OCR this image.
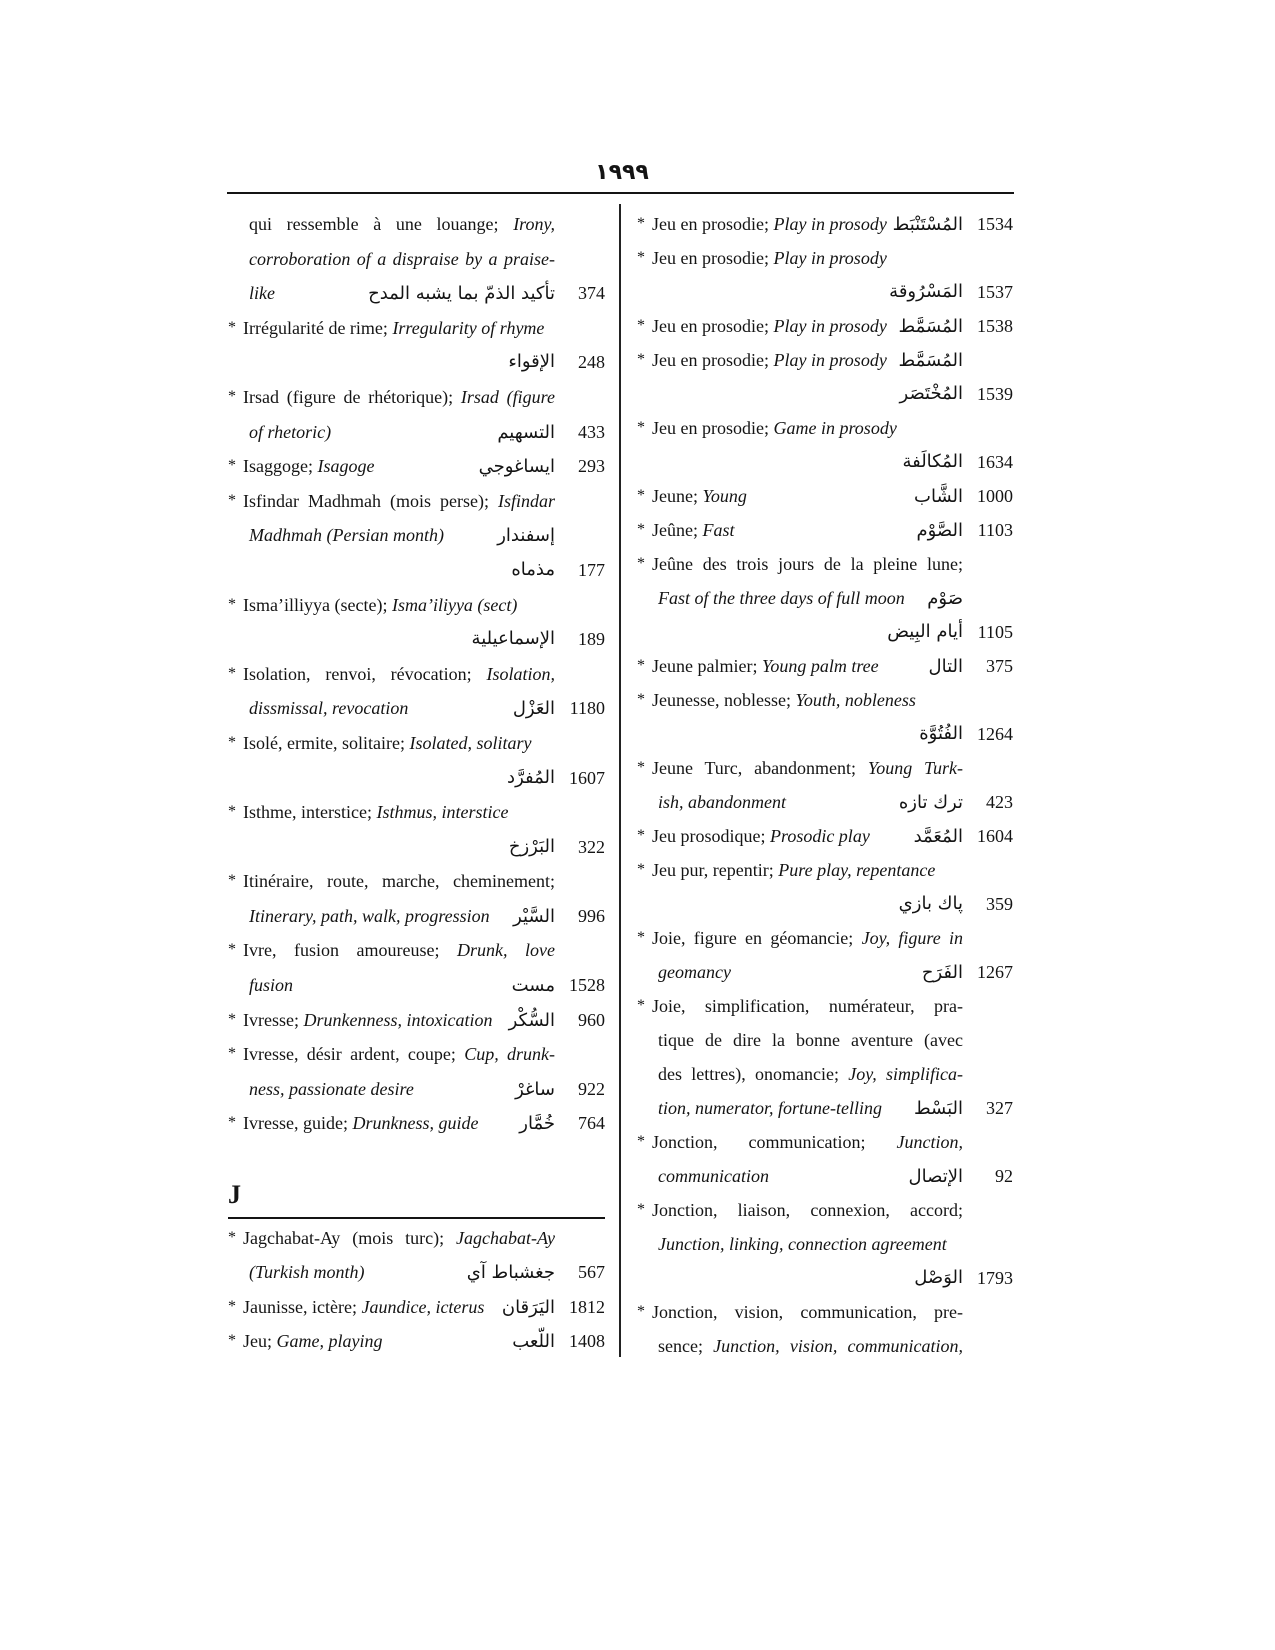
١٩٩٩
qui ressemble à une louange; Irony,
corroboration of a dispraise by a praise-
like	تأكيد الذمّ بما يشبه المدح	374
* Irrégularité de rime; Irregularity of rhyme
الإقواء	248
* Irsad (figure de rhétorique); Irsad (figure
of rhetoric)	التسهيم	433
* Isaggoge; Isagoge	ايساغوجي	293
* Isfindar Madhmah (mois perse); Isfindar
Madhmah (Persian month)	إسفندار
مذماه	177
* Isma’illiyya (secte); Isma’iliyya (sect)
الإسماعيلية	189
* Isolation, renvoi, révocation; Isolation,
dissmissal, revocation	العَزْل 1180
* Isolé, ermite, solitaire; Isolated, solitary
المُفرَّد 1607
* Isthme, interstice; Isthmus, interstice
البَرْزخ	322
* Itinéraire, route, marche, cheminement;
Itinerary, path, walk, progression السَّيْر	996
* Ivre, fusion amoureuse; Drunk, love
fusion	مست 1528
* Ivresse; Drunkenness, intoxication السُّكْر	960
* Ivresse, désir ardent, coupe; Cup, drunk-
ness, passionate desire	ساغرْ	922
* Ivresse, guide; Drunkness, guide خُمَّار	764
J
* Jagchabat-Ay (mois turc); Jagchabat-Ay
(Turkish month)	جغشباط آي	567
* Jaunisse, ictère; Jaundice, icterus اليَرَقان 1812
* Jeu; Game, playing	اللّعب 1408
* Jeu en prosodie; Play in prosody المُسْتَنْبَط 1534
* Jeu en prosodie; Play in prosody
المَسْرُوقة 1537
* Jeu en prosodie; Play in prosody المُسَمَّط 1538
* Jeu en prosodie; Play in prosody المُسَمَّط
المُخْتَصَر 1539
* Jeu en prosodie; Game in prosody
المُكالَفة 1634
* Jeune; Young	الشَّاب 1000
* Jeûne; Fast	الصَّوْم 1103
* Jeûne des trois jours de la pleine lune;
Fast of the three days of full moon صَوْم
أيام البِيض 1105
* Jeune palmier; Young palm tree	التال	375
* Jeunesse, noblesse; Youth, nobleness
الفُتُوَّة 1264
* Jeune Turc, abandonment; Young Turk-
ish, abandonment	ترك تازه	423
* Jeu prosodique; Prosodic play المُعَمَّد 1604
* Jeu pur, repentir; Pure play, repentance
پاك بازي	359
* Joie, figure en géomancie; Joy, figure in
geomancy	الفَرَح 1267
* Joie, simplification, numérateur, pra-
tique de dire la bonne aventure (avec
des lettres), onomancie; Joy, simplifica-
tion, numerator, fortune-telling البَسْط	327
* Jonction, communication; Junction,
communication	الإتصال	92
* Jonction, liaison, connexion, accord;
Junction, linking, connection agreement
الوَصْل 1793
* Jonction, vision, communication, pre-
sence; Junction, vision, communication,
